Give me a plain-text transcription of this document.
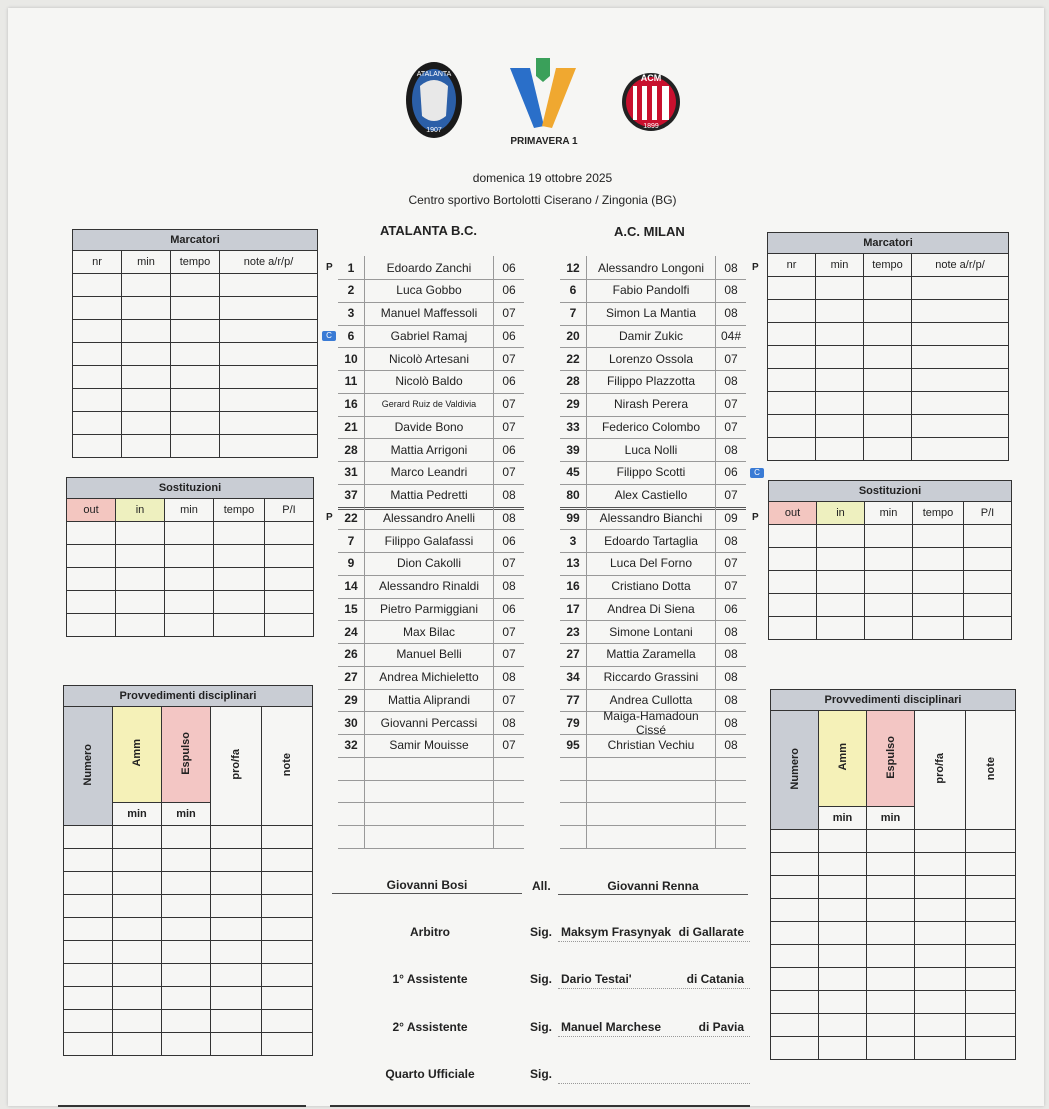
ATALANTA
1907
PRIMAVERA 1
ACM
1899
domenica 19 ottobre 2025
Centro sportivo Bortolotti Ciserano / Zingonia (BG)
ATALANTA B.C.	A.C. MILAN
Marcatori			
nr	min	tempo	note a/r/p/

Marcatori			
nr	min	tempo	note a/r/p/

Sostituzioni				
out	in	min	tempo	P/I

Sostituzioni				
out	in	min	tempo	P/I

Provvedimenti disciplinari				
Numero	Amm	Espulso	pro/fa	note
	min	min		

Provvedimenti disciplinari				
Numero	Amm	Espulso	pro/fa	note
	min	min		

1	Edoardo Zanchi	06
P
2	Luca Gobbo	06
3	Manuel Maffessoli	07
6	Gabriel Ramaj	06
C
10	Nicolò Artesani	07
11	Nicolò Baldo	06
16	Gerard Ruiz de Valdivia	07
21	Davide Bono	07
28	Mattia Arrigoni	06
31	Marco Leandri	07
37	Mattia Pedretti	08
22	Alessandro Anelli	08
P
7	Filippo Galafassi	06
9	Dion Cakolli	07
14	Alessandro Rinaldi	08
15	Pietro Parmiggiani	06
24	Max Bilac	07
26	Manuel Belli	07
27	Andrea Michieletto	08
29	Mattia Aliprandi	07
30	Giovanni Percassi	08
32	Samir Mouisse	07
12	Alessandro Longoni	08	P
6	Fabio Pandolfi	08
7	Simon La Mantia	08
20	Damir Zukic	04#
22	Lorenzo Ossola	07
28	Filippo Plazzotta	08
29	Nirash Perera	07
33	Federico Colombo	07
39	Luca Nolli	08
45	Filippo Scotti	06	C
80	Alex Castiello	07
99	Alessandro Bianchi	09	P
3	Edoardo Tartaglia	08
13	Luca Del Forno	07
16	Cristiano Dotta	07
17	Andrea Di Siena	06
23	Simone Lontani	08
27	Mattia Zaramella	08
34	Riccardo Grassini	08
77	Andrea Cullotta	08
79	Maiga-Hamadoun Cissé	08
95	Christian Vechiu	08
Giovanni Bosi	All.	Giovanni Renna
Arbitro	Sig. Maksym Frasynyak di Gallarate
1° Assistente	Sig. Dario Testai'	di Catania
2° Assistente	Sig. Manuel Marchese	di Pavia
Quarto Ufficiale	Sig.
